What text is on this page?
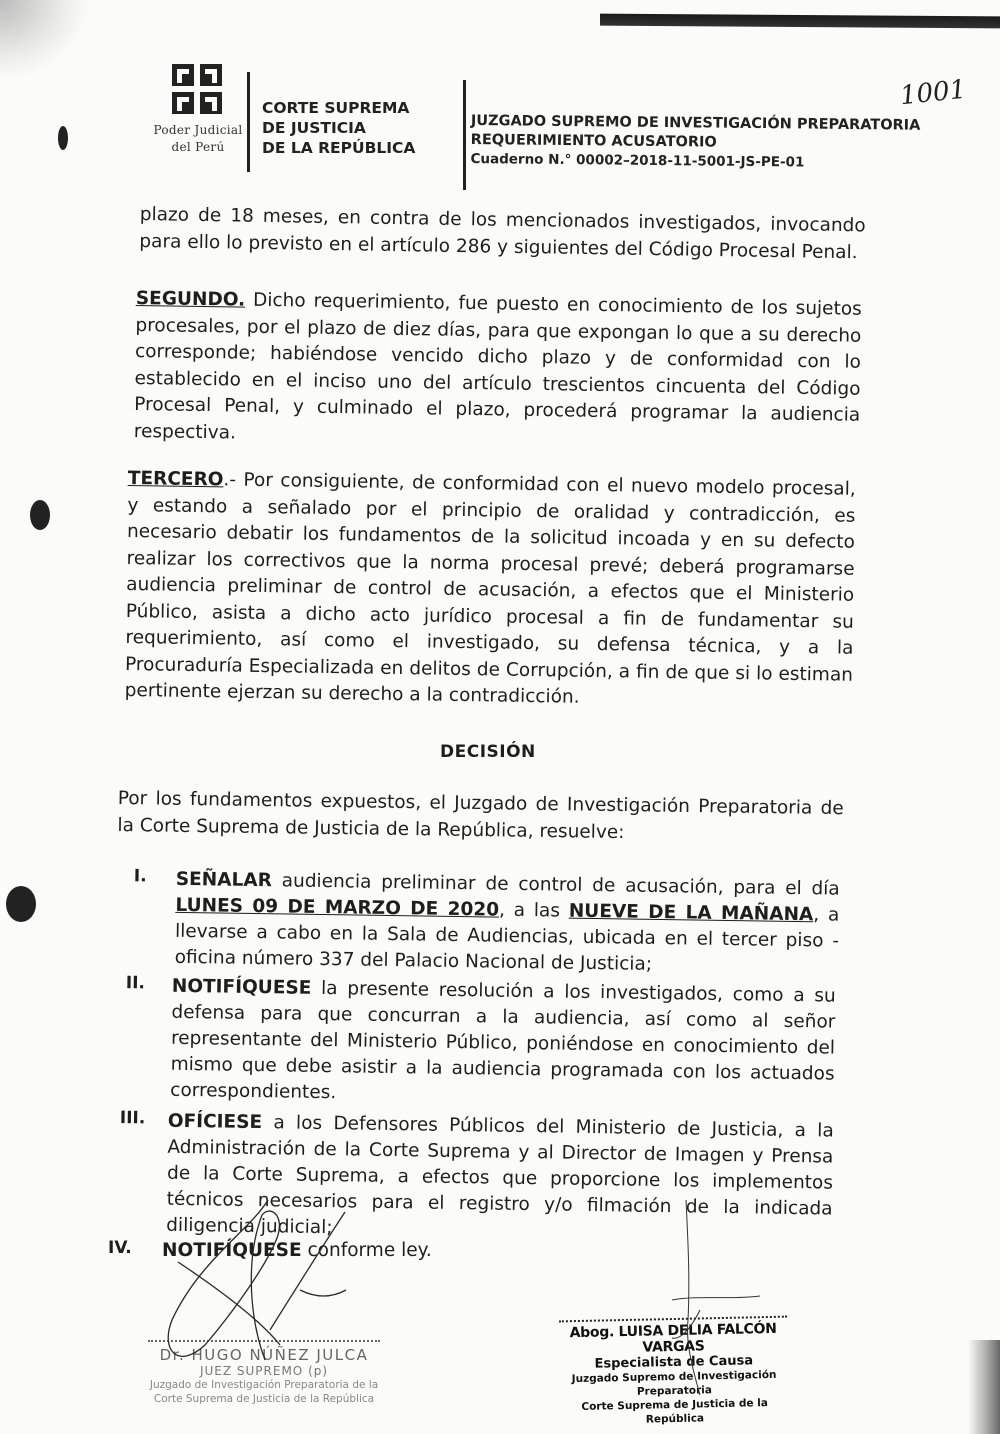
Poder Judicial
del Perú
CORTE SUPREMA
DE JUSTICIA
DE LA REPÚBLICA
JUZGADO SUPREMO DE INVESTIGACIÓN PREPARATORIA
REQUERIMIENTO ACUSATORIO
Cuaderno N.° 00002–2018-11-5001-JS-PE-01
1001
plazo de 18 meses, en contra de los mencionados investigados, invocando para ello lo previsto en el artículo 286 y siguientes del Código Procesal Penal.
SEGUNDO. Dicho requerimiento, fue puesto en conocimiento de los sujetos procesales, por el plazo de diez días, para que expongan lo que a su derecho corresponde; habiéndose vencido dicho plazo y de conformidad con lo establecido en el inciso uno del artículo trescientos cincuenta del Código Procesal Penal, y culminado el plazo, procederá programar la audiencia respectiva.
TERCERO.- Por consiguiente, de conformidad con el nuevo modelo procesal, y estando a señalado por el principio de oralidad y contradicción, es necesario debatir los fundamentos de la solicitud incoada y en su defecto realizar los correctivos que la norma procesal prevé; deberá programarse audiencia preliminar de control de acusación, a efectos que el Ministerio Público, asista a dicho acto jurídico procesal a fin de fundamentar su requerimiento, así como el investigado, su defensa técnica, y a la Procuraduría Especializada en delitos de Corrupción, a fin de que si lo estiman pertinente ejerzan su derecho a la contradicción.
DECISIÓN
Por los fundamentos expuestos, el Juzgado de Investigación Preparatoria de la Corte Suprema de Justicia de la República, resuelve:
I. SEÑALAR audiencia preliminar de control de acusación, para el día LUNES 09 DE MARZO DE 2020, a las NUEVE DE LA MAÑANA, a llevarse a cabo en la Sala de Audiencias, ubicada en el tercer piso - oficina número 337 del Palacio Nacional de Justicia;
II. NOTIFÍQUESE la presente resolución a los investigados, como a su defensa para que concurran a la audiencia, así como al señor representante del Ministerio Público, poniéndose en conocimiento del mismo que debe asistir a la audiencia programada con los actuados correspondientes.
III. OFÍCIESE a los Defensores Públicos del Ministerio de Justicia, a la Administración de la Corte Suprema y al Director de Imagen y Prensa de la Corte Suprema, a efectos que proporcione los implementos técnicos necesarios para el registro y/o filmación de la indicada diligencia judicial;
IV. NOTIFÍQUESE conforme ley.
Dr. HUGO NÚÑEZ JULCA
JUEZ SUPREMO (p)
Juzgado de Investigación Preparatoria de la
Corte Suprema de Justicia de la República
Abog. LUISA DELIA FALCÓN VARGAS
Especialista de Causa
Juzgado Supremo de Investigación Preparatoria
Corte Suprema de Justicia de la República
